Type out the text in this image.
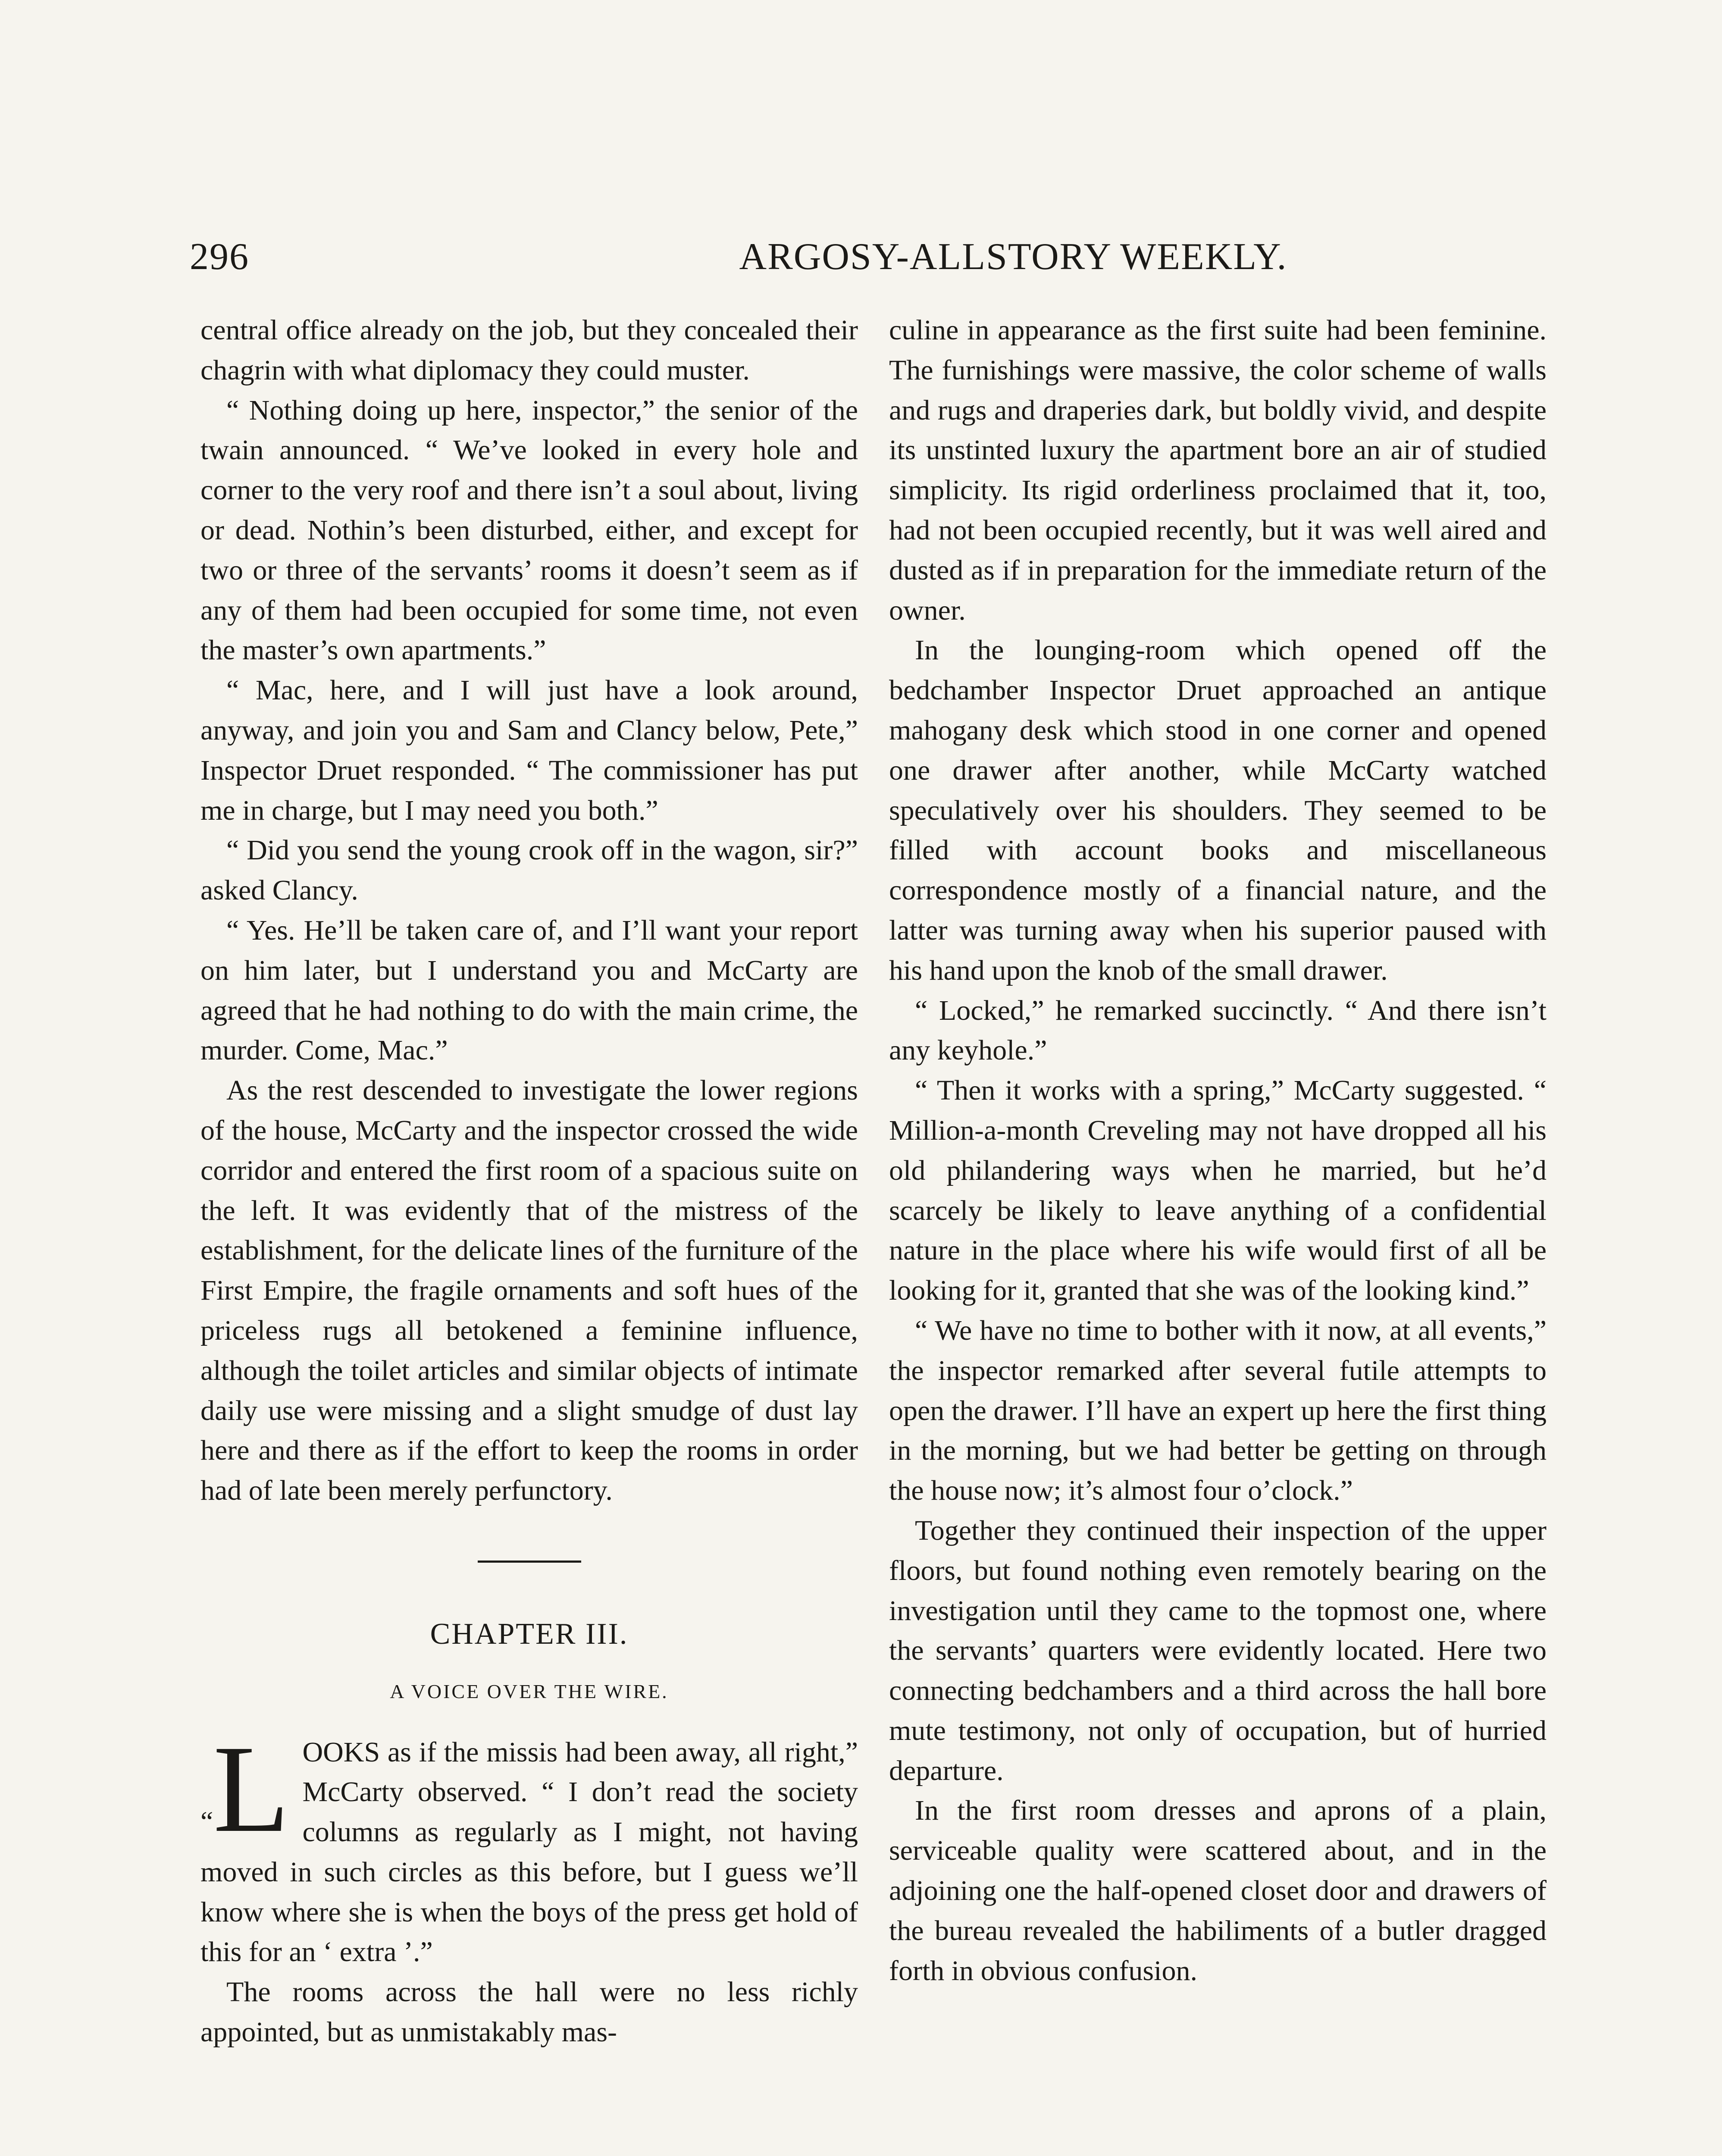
296	ARGOSY-ALLSTORY WEEKLY.

central office already on the job, but they concealed their chagrin with what diplomacy they could muster.

“ Nothing doing up here, inspector,” the senior of the twain announced. “ We’ve looked in every hole and corner to the very roof and there isn’t a soul about, living or dead. Nothin’s been disturbed, either, and except for two or three of the servants’ rooms it doesn’t seem as if any of them had been occupied for some time, not even the master’s own apartments.”

“ Mac, here, and I will just have a look around, anyway, and join you and Sam and Clancy below, Pete,” Inspector Druet responded. “ The commissioner has put me in charge, but I may need you both.”

“ Did you send the young crook off in the wagon, sir?” asked Clancy.

“ Yes. He’ll be taken care of, and I’ll want your report on him later, but I understand you and McCarty are agreed that he had nothing to do with the main crime, the murder. Come, Mac.”

As the rest descended to investigate the lower regions of the house, McCarty and the inspector crossed the wide corridor and entered the first room of a spacious suite on the left. It was evidently that of the mistress of the establishment, for the delicate lines of the furniture of the First Empire, the fragile ornaments and soft hues of the priceless rugs all betokened a feminine influence, although the toilet articles and similar objects of intimate daily use were missing and a slight smudge of dust lay here and there as if the effort to keep the rooms in order had of late been merely perfunctory.

CHAPTER III.
A VOICE OVER THE WIRE.

“L OOKS as if the missis had been away, all right,” McCarty observed. “ I don’t read the society columns as regularly as I might, not having moved in such circles as this before, but I guess we’ll know where she is when the boys of the press get hold of this for an ‘ extra ’.”

The rooms across the hall were no less richly appointed, but as unmistakably mas-

culine in appearance as the first suite had been feminine. The furnishings were massive, the color scheme of walls and rugs and draperies dark, but boldly vivid, and despite its unstinted luxury the apartment bore an air of studied simplicity. Its rigid orderliness proclaimed that it, too, had not been occupied recently, but it was well aired and dusted as if in preparation for the immediate return of the owner.

In the lounging-room which opened off the bedchamber Inspector Druet approached an antique mahogany desk which stood in one corner and opened one drawer after another, while McCarty watched speculatively over his shoulders. They seemed to be filled with account books and miscellaneous correspondence mostly of a financial nature, and the latter was turning away when his superior paused with his hand upon the knob of the small drawer.

“ Locked,” he remarked succinctly. “ And there isn’t any keyhole.”

“ Then it works with a spring,” McCarty suggested. “ Million-a-month Creveling may not have dropped all his old philandering ways when he married, but he’d scarcely be likely to leave anything of a confidential nature in the place where his wife would first of all be looking for it, granted that she was of the looking kind.”

“ We have no time to bother with it now, at all events,” the inspector remarked after several futile attempts to open the drawer. I’ll have an expert up here the first thing in the morning, but we had better be getting on through the house now; it’s almost four o’clock.”

Together they continued their inspection of the upper floors, but found nothing even remotely bearing on the investigation until they came to the topmost one, where the servants’ quarters were evidently located. Here two connecting bedchambers and a third across the hall bore mute testimony, not only of occupation, but of hurried departure.

In the first room dresses and aprons of a plain, serviceable quality were scattered about, and in the adjoining one the half-opened closet door and drawers of the bureau revealed the habiliments of a butler dragged forth in obvious confusion.
